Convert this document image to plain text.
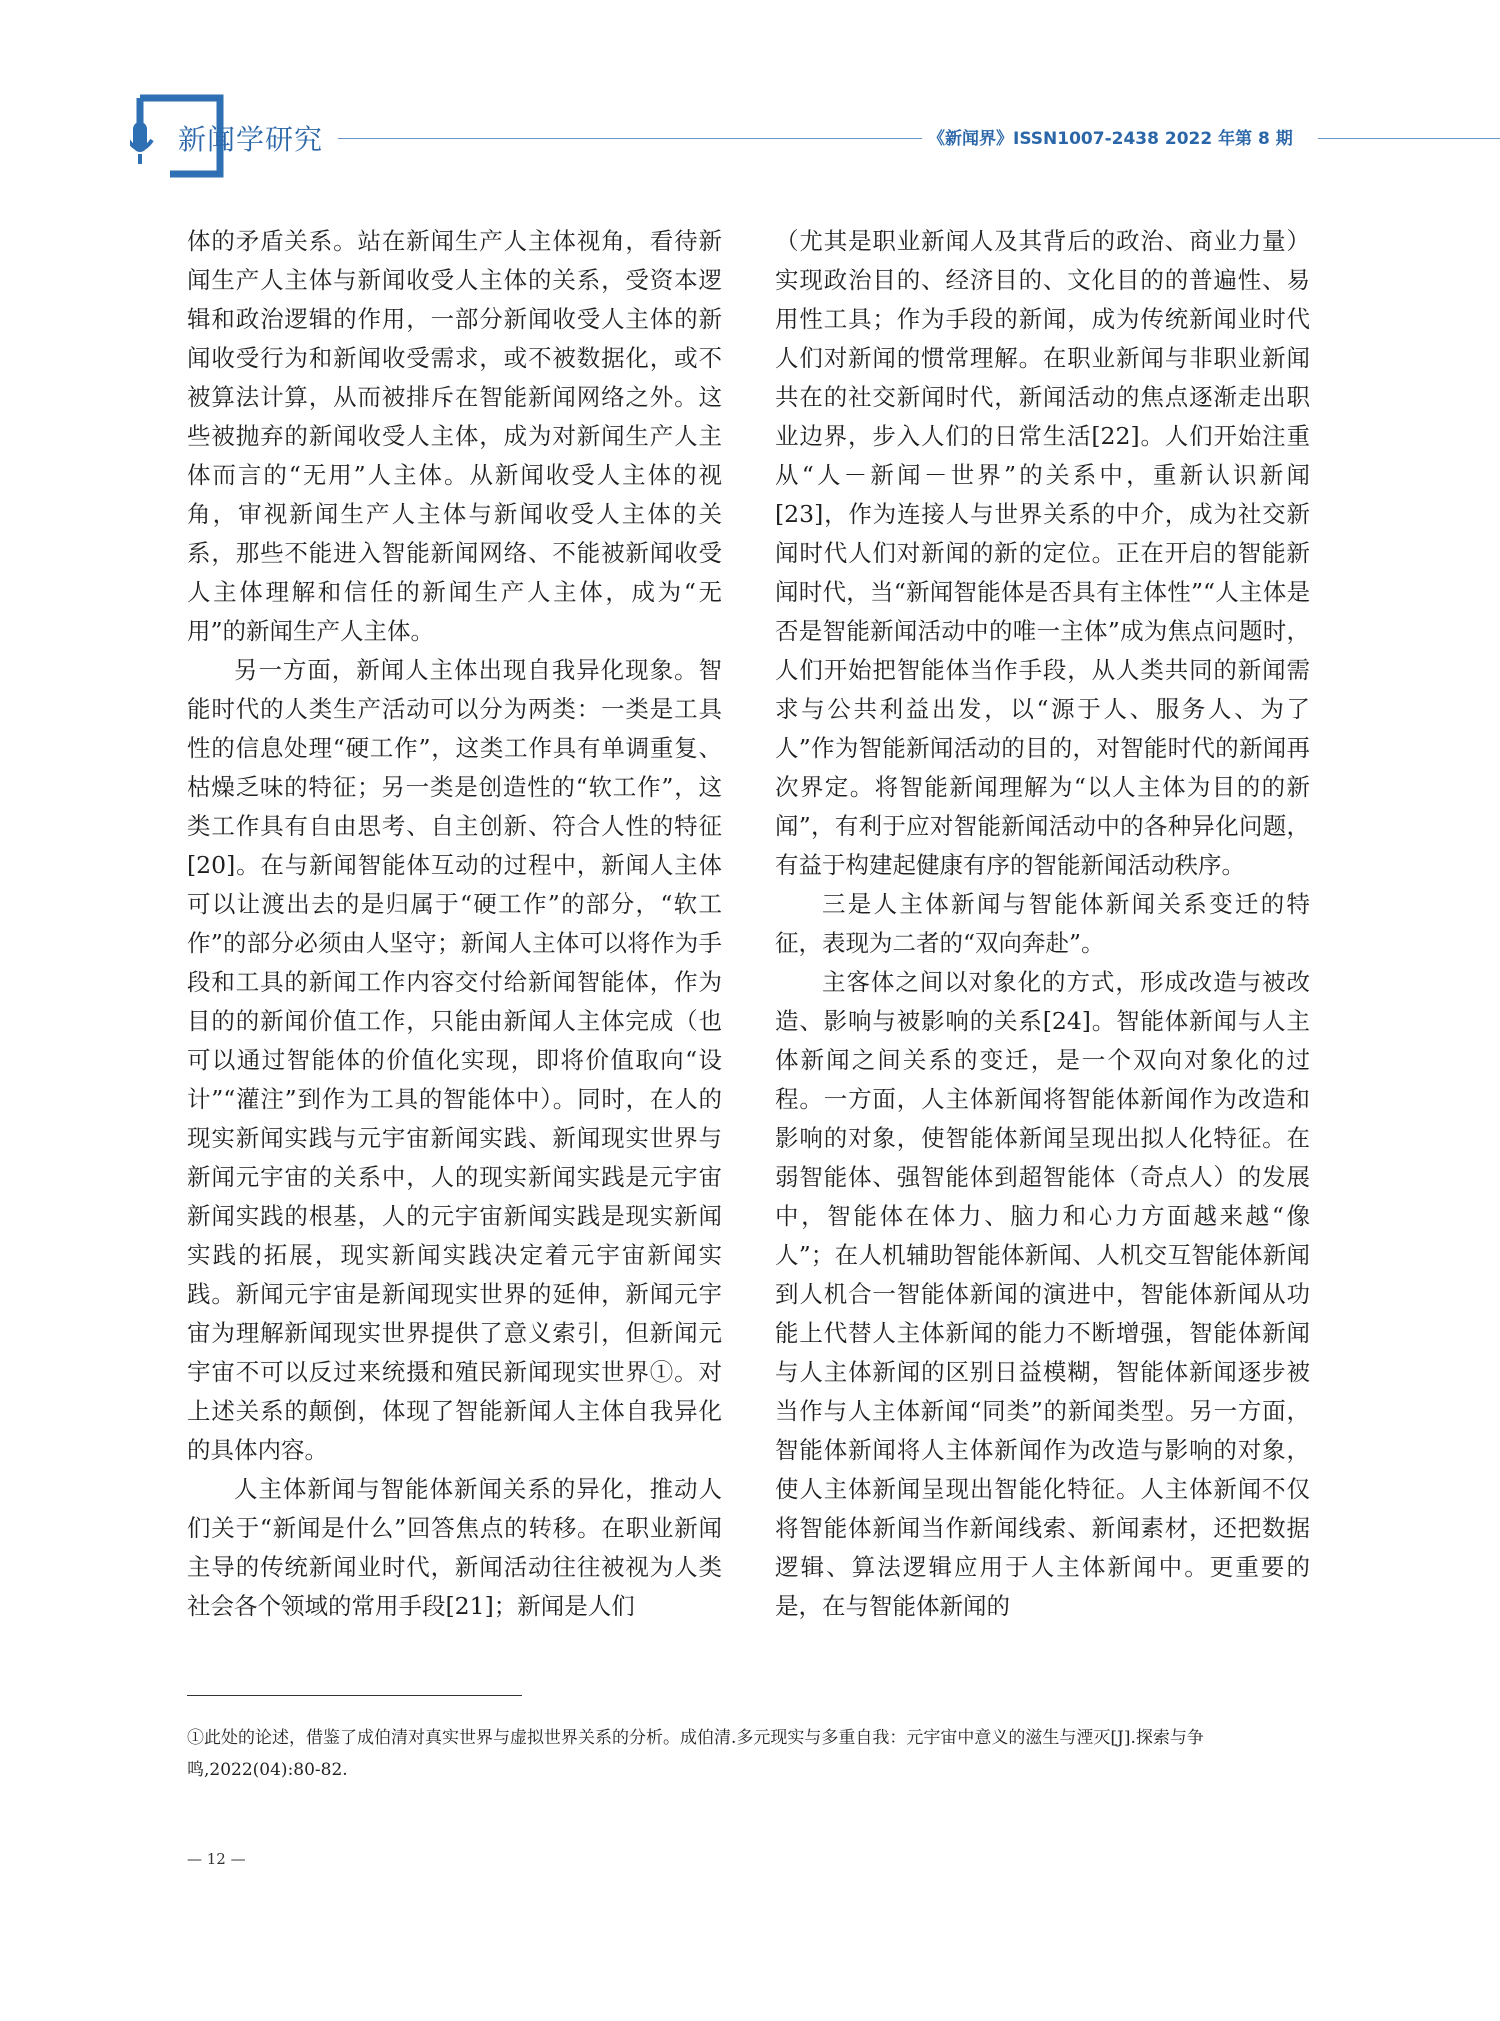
新闻学研究	《新闻界》ISSN1007-2438 2022 年第 8 期

体的矛盾关系。站在新闻生产人主体视角，看待新闻生产人主体与新闻收受人主体的关系，受资本逻辑和政治逻辑的作用，一部分新闻收受人主体的新闻收受行为和新闻收受需求，或不被数据化，或不被算法计算，从而被排斥在智能新闻网络之外。这些被抛弃的新闻收受人主体，成为对新闻生产人主体而言的“无用”人主体。从新闻收受人主体的视角，审视新闻生产人主体与新闻收受人主体的关系，那些不能进入智能新闻网络、不能被新闻收受人主体理解和信任的新闻生产人主体，成为“无用”的新闻生产人主体。

另一方面，新闻人主体出现自我异化现象。智能时代的人类生产活动可以分为两类：一类是工具性的信息处理“硬工作”，这类工作具有单调重复、枯燥乏味的特征；另一类是创造性的“软工作”，这类工作具有自由思考、自主创新、符合人性的特征[20]。在与新闻智能体互动的过程中，新闻人主体可以让渡出去的是归属于“硬工作”的部分，“软工作”的部分必须由人坚守；新闻人主体可以将作为手段和工具的新闻工作内容交付给新闻智能体，作为目的的新闻价值工作，只能由新闻人主体完成（也可以通过智能体的价值化实现，即将价值取向“设计”“灌注”到作为工具的智能体中）。同时，在人的现实新闻实践与元宇宙新闻实践、新闻现实世界与新闻元宇宙的关系中，人的现实新闻实践是元宇宙新闻实践的根基，人的元宇宙新闻实践是现实新闻实践的拓展，现实新闻实践决定着元宇宙新闻实践。新闻元宇宙是新闻现实世界的延伸，新闻元宇宙为理解新闻现实世界提供了意义索引，但新闻元宇宙不可以反过来统摄和殖民新闻现实世界①。对上述关系的颠倒，体现了智能新闻人主体自我异化的具体内容。

人主体新闻与智能体新闻关系的异化，推动人们关于“新闻是什么”回答焦点的转移。在职业新闻主导的传统新闻业时代，新闻活动往往被视为人类社会各个领域的常用手段[21]；新闻是人们

（尤其是职业新闻人及其背后的政治、商业力量）实现政治目的、经济目的、文化目的的普遍性、易用性工具；作为手段的新闻，成为传统新闻业时代人们对新闻的惯常理解。在职业新闻与非职业新闻共在的社交新闻时代，新闻活动的焦点逐渐走出职业边界，步入人们的日常生活[22]。人们开始注重从“人－新闻－世界”的关系中，重新认识新闻[23]，作为连接人与世界关系的中介，成为社交新闻时代人们对新闻的新的定位。正在开启的智能新闻时代，当“新闻智能体是否具有主体性”“人主体是否是智能新闻活动中的唯一主体”成为焦点问题时，人们开始把智能体当作手段，从人类共同的新闻需求与公共利益出发，以“源于人、服务人、为了人”作为智能新闻活动的目的，对智能时代的新闻再次界定。将智能新闻理解为“以人主体为目的的新闻”，有利于应对智能新闻活动中的各种异化问题，有益于构建起健康有序的智能新闻活动秩序。

三是人主体新闻与智能体新闻关系变迁的特征，表现为二者的“双向奔赴”。

主客体之间以对象化的方式，形成改造与被改造、影响与被影响的关系[24]。智能体新闻与人主体新闻之间关系的变迁，是一个双向对象化的过程。一方面，人主体新闻将智能体新闻作为改造和影响的对象，使智能体新闻呈现出拟人化特征。在弱智能体、强智能体到超智能体（奇点人）的发展中，智能体在体力、脑力和心力方面越来越“像人”；在人机辅助智能体新闻、人机交互智能体新闻到人机合一智能体新闻的演进中，智能体新闻从功能上代替人主体新闻的能力不断增强，智能体新闻与人主体新闻的区别日益模糊，智能体新闻逐步被当作与人主体新闻“同类”的新闻类型。另一方面，智能体新闻将人主体新闻作为改造与影响的对象，使人主体新闻呈现出智能化特征。人主体新闻不仅将智能体新闻当作新闻线索、新闻素材，还把数据逻辑、算法逻辑应用于人主体新闻中。更重要的是，在与智能体新闻的

①此处的论述，借鉴了成伯清对真实世界与虚拟世界关系的分析。成伯清.多元现实与多重自我：元宇宙中意义的滋生与湮灭[J].探索与争鸣,2022(04):80-82.
— 12 —
